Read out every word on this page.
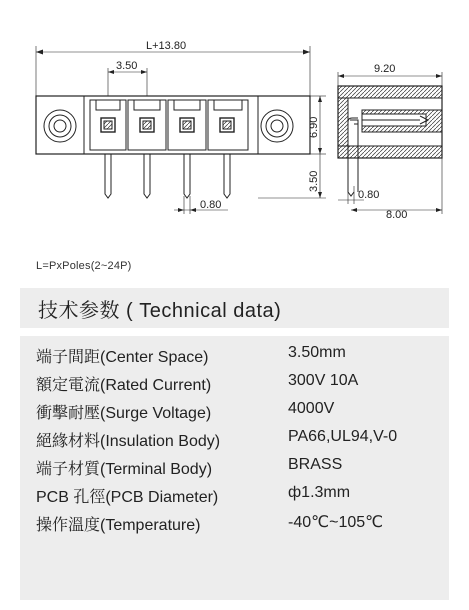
L+13.80
3.50
6.90
3.50
0.80
9.20
0.80
8.00
L=PxPoles(2~24P)
技术参数 ( Technical data)
端子間距(Center Space)	3.50mm
額定電流(Rated Current)	300V 10A
衝擊耐壓(Surge Voltage)	4000V
絕緣材料(Insulation Body)	PA66,UL94,V-0
端子材質(Terminal Body)	BRASS
PCB 孔徑(PCB Diameter)	ф1.3mm
操作溫度(Temperature)	-40℃~105℃
